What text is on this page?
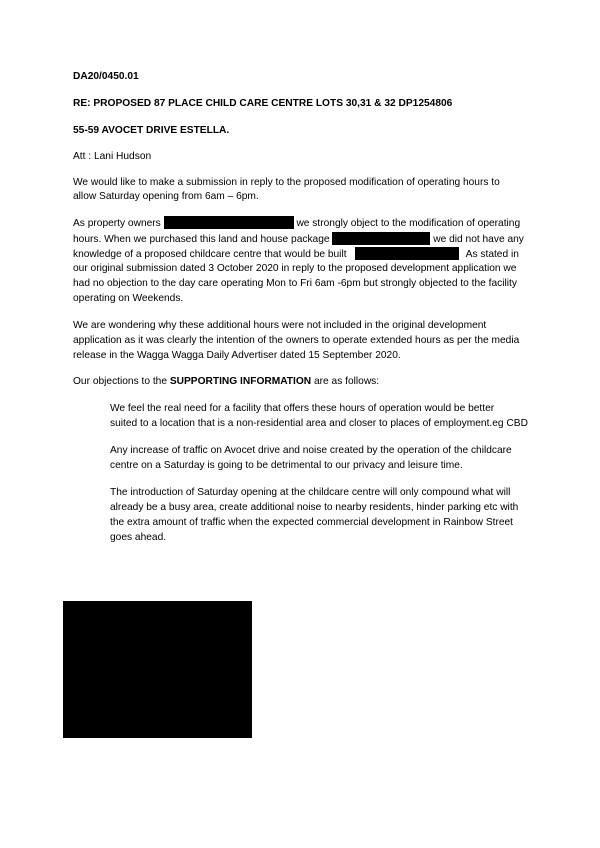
DA20/0450.01
RE: PROPOSED 87 PLACE CHILD CARE CENTRE LOTS 30,31 & 32 DP1254806
55-59 AVOCET DRIVE ESTELLA.
Att : Lani Hudson
We would like to make a submission in reply to the proposed modification of operating hours to
allow Saturday opening from 6am – 6pm.
As property owners	we strongly object to the modification of operating
hours. When we purchased this land and house package	we did not have any
knowledge of a proposed childcare centre that would be built	As stated in
our original submission dated 3 October 2020 in reply to the proposed development application we
had no objection to the day care operating Mon to Fri 6am -6pm but strongly objected to the facility
operating on Weekends.
We are wondering why these additional hours were not included in the original development
application as it was clearly the intention of the owners to operate extended hours as per the media
release in the Wagga Wagga Daily Advertiser dated 15 September 2020.
Our objections to the SUPPORTING INFORMATION are as follows:
We feel the real need for a facility that offers these hours of operation would be better
suited to a location that is a non-residential area and closer to places of employment.eg CBD
Any increase of traffic on Avocet drive and noise created by the operation of the childcare
centre on a Saturday is going to be detrimental to our privacy and leisure time.
The introduction of Saturday opening at the childcare centre will only compound what will
already be a busy area, create additional noise to nearby residents, hinder parking etc with
the extra amount of traffic when the expected commercial development in Rainbow Street
goes ahead.
